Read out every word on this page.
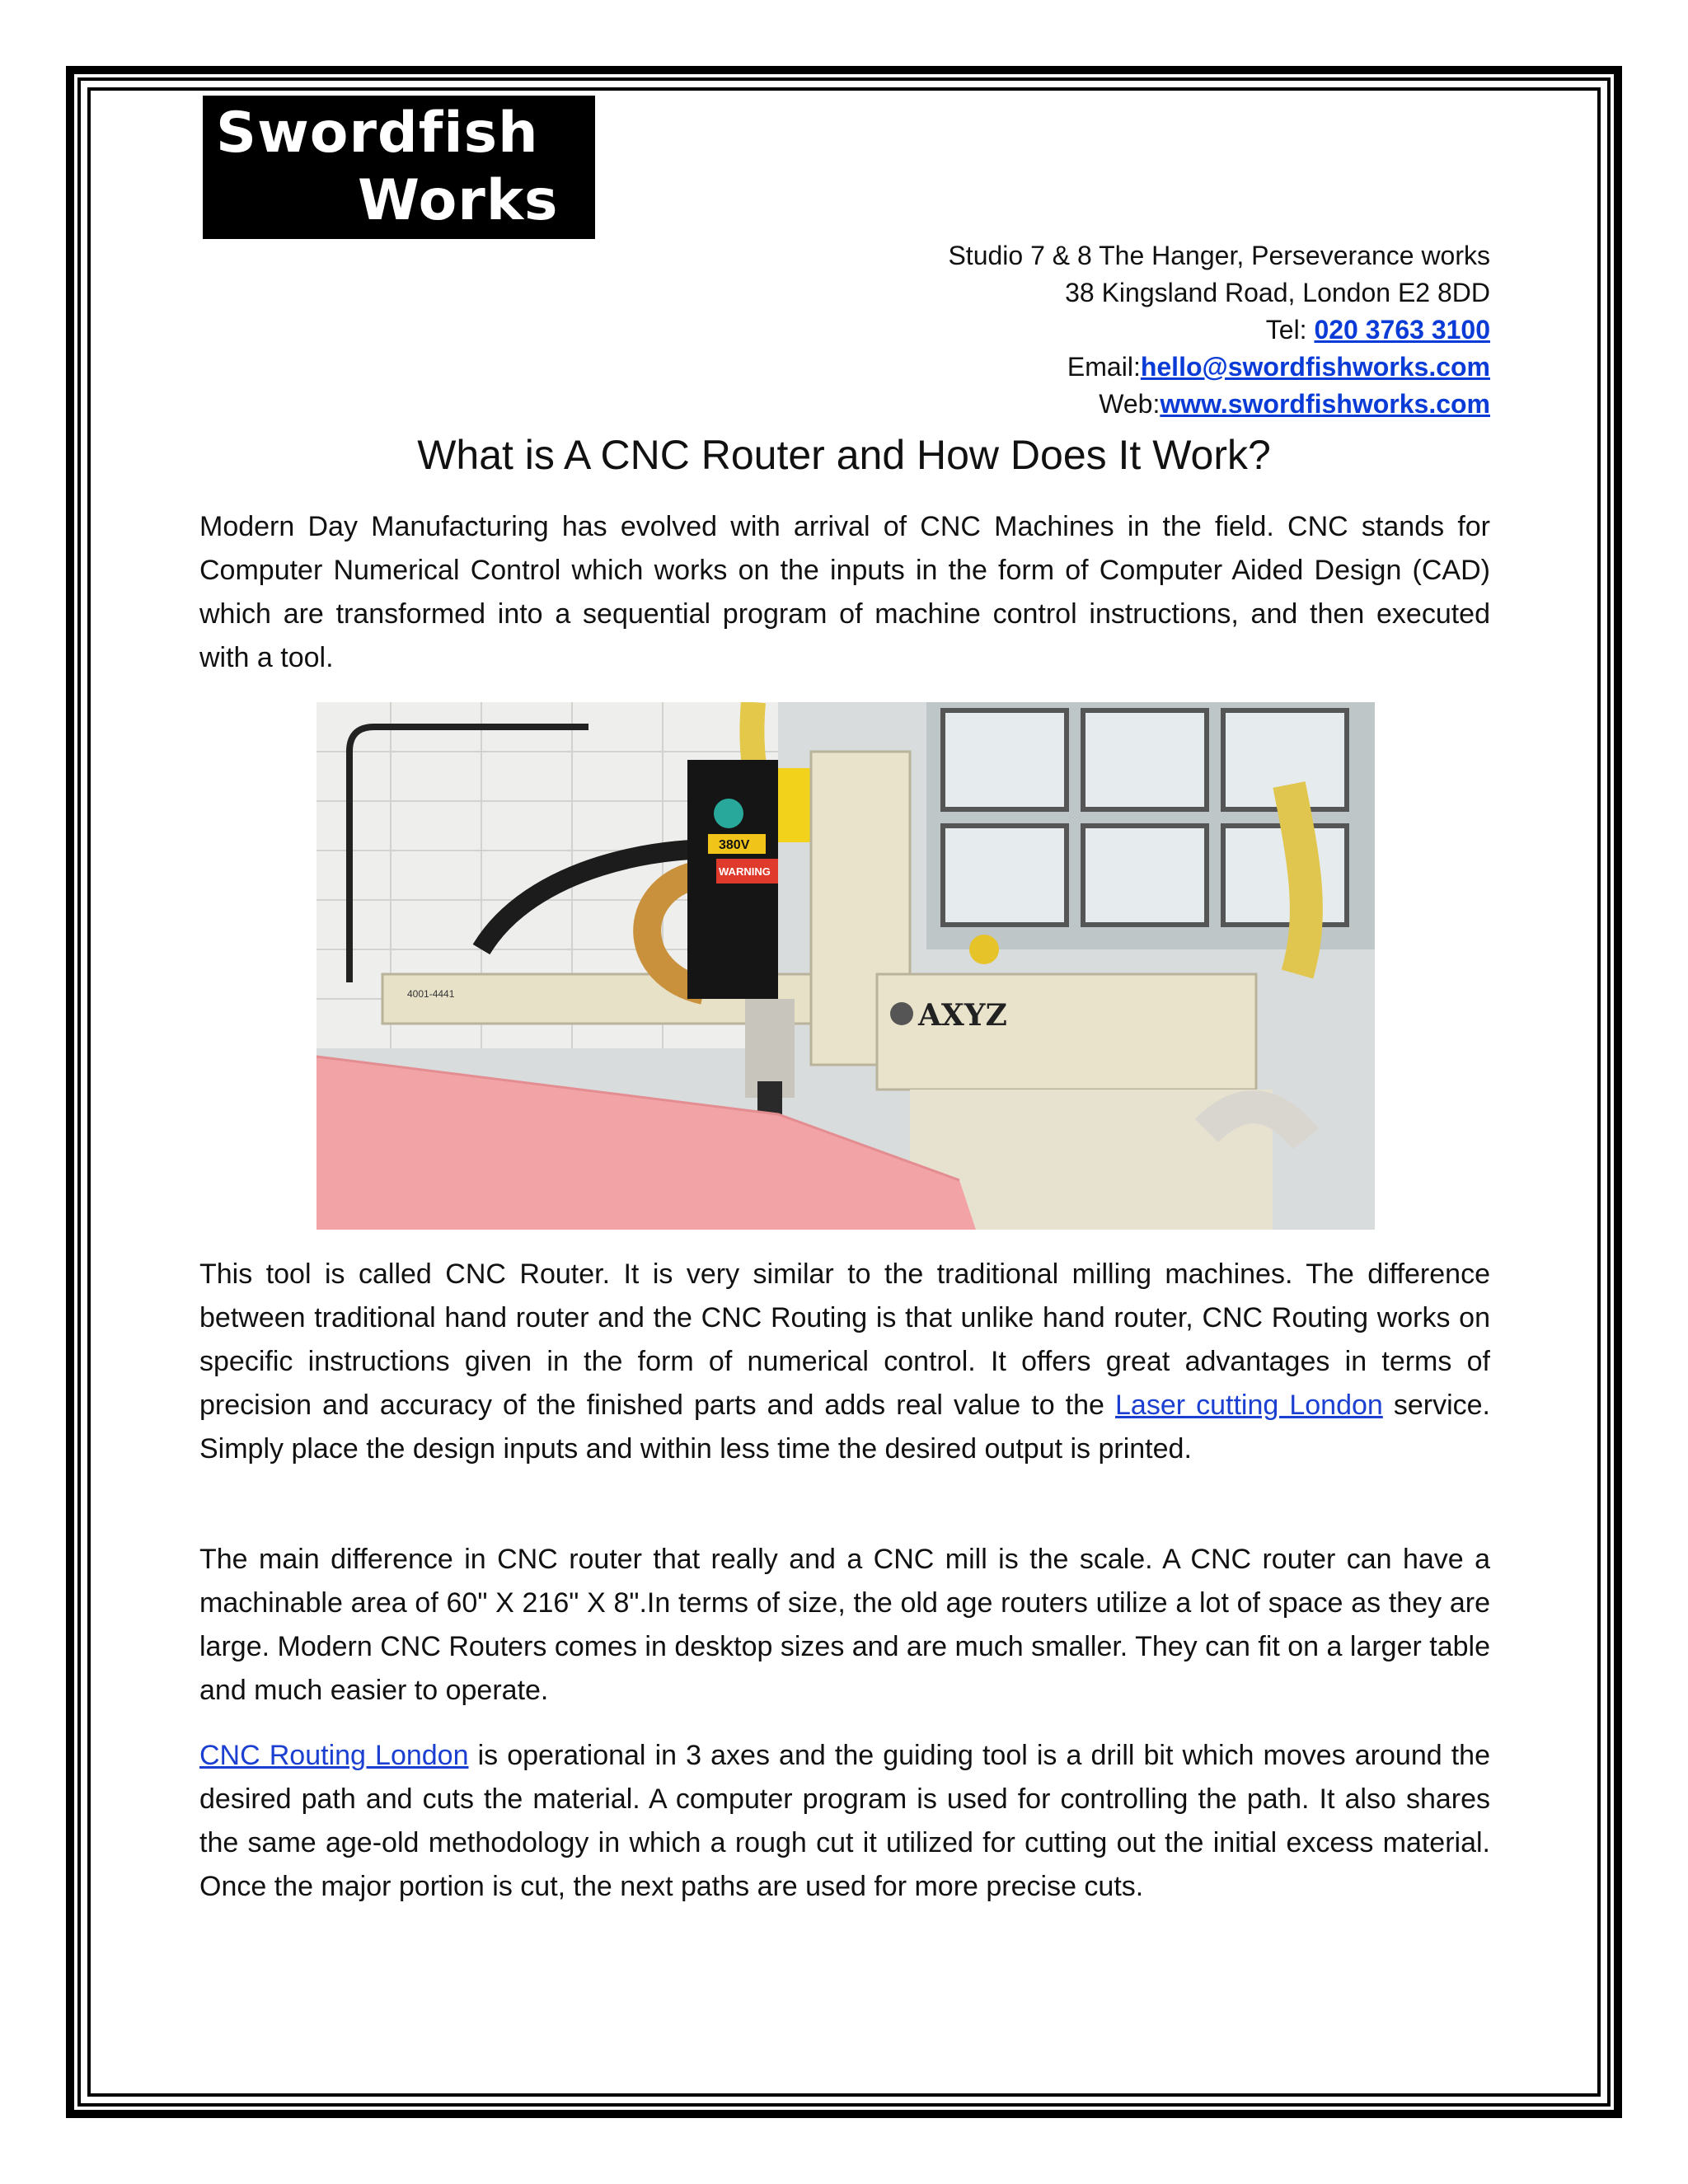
Swordfish
Works
Studio 7 & 8 The Hanger, Perseverance works
38 Kingsland Road, London E2 8DD
Tel: 020 3763 3100
Email:hello@swordfishworks.com
Web:www.swordfishworks.com
What is A CNC Router and How Does It Work?

Modern Day Manufacturing has evolved with arrival of CNC Machines in the field. CNC stands for Computer Numerical Control which works on the inputs in the form of Computer Aided Design (CAD) which are transformed into a sequential program of machine control instructions, and then executed with a tool.

4001-4441
380V
WARNING
AXYZ

This tool is called CNC Router. It is very similar to the traditional milling machines. The difference between traditional hand router and the CNC Routing is that unlike hand router, CNC Routing works on specific instructions given in the form of numerical control. It offers great advantages in terms of precision and accuracy of the finished parts and adds real value to the Laser cutting London service. Simply place the design inputs and within less time the desired output is printed.

The main difference in CNC router that really and a CNC mill is the scale. A CNC router can have a machinable area of 60" X 216" X 8".In terms of size, the old age routers utilize a lot of space as they are large. Modern CNC Routers comes in desktop sizes and are much smaller. They can fit on a larger table and much easier to operate.

CNC Routing London is operational in 3 axes and the guiding tool is a drill bit which moves around the desired path and cuts the material. A computer program is used for controlling the path. It also shares the same age-old methodology in which a rough cut it utilized for cutting out the initial excess material. Once the major portion is cut, the next paths are used for more precise cuts.
